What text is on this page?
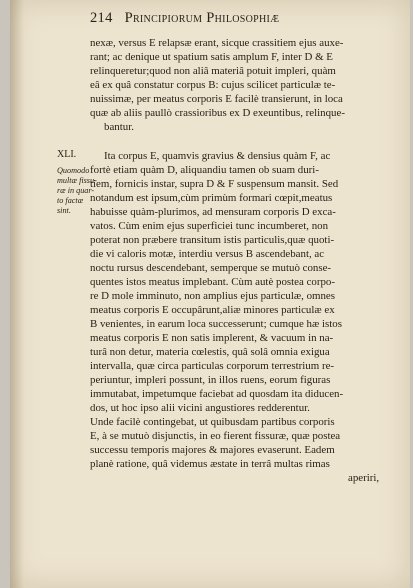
214 Principiorum Philosophiæ
XLI.
Quomodo
multæ fissu-
ræ in quar-
to factæ
sint.
nexæ, versus E relapsæ erant, sicque crassitiem ejus auxe-
rant; ac denique ut spatium satis amplum F, inter D & E
relinqueretur;quod non aliâ materiâ potuit impleri, quàm
eâ ex quâ constatur corpus B: cujus scilicet particulæ te-
nuissimæ, per meatus corporis E facilè transierunt, in loca
quæ ab aliis paullò crassioribus ex D exeuntibus, relinque-
bantur.
Ita corpus E, quamvis gravius & densius quàm F, ac
fortè etiam quàm D, aliquandiu tamen ob suam duri-
tiem, fornicis instar, supra D & F suspensum mansit. Sed
notandum est ipsum,cùm primùm formari cœpit,meatus
habuisse quàm-plurimos, ad mensuram corporis D exca-
vatos. Cùm enim ejus superficiei tunc incumberet, non
poterat non præbere transitum istis particulis,quæ quoti-
die vi caloris motæ, interdiu versus B ascendebant, ac
noctu rursus descendebant, semperque se mutuò conse-
quentes istos meatus implebant. Cùm autè postea corpo-
re D mole imminuto, non amplius ejus particulæ, omnes
meatus corporis E occupârunt,aliæ minores particulæ ex
B venientes, in earum loca successerunt; cumque hæ istos
meatus corporis E non satis implerent, & vacuum in na-
turâ non detur, materia cœlestis, quâ solâ omnia exigua
intervalla, quæ circa particulas corporum terrestrium re-
periuntur, impleri possunt, in illos ruens, eorum figuras
immutabat, impetumque faciebat ad quosdam ita diducen-
dos, ut hoc ipso alii vicini angustiores redderentur.
Unde facilè contingebat, ut quibusdam partibus corporis
E, à se mutuò disjunctis, in eo fierent fissuræ, quæ postea
successu temporis majores & majores evaserunt. Eadem
planè ratione, quâ videmus æstate in terrâ multas rimas
aperiri,
